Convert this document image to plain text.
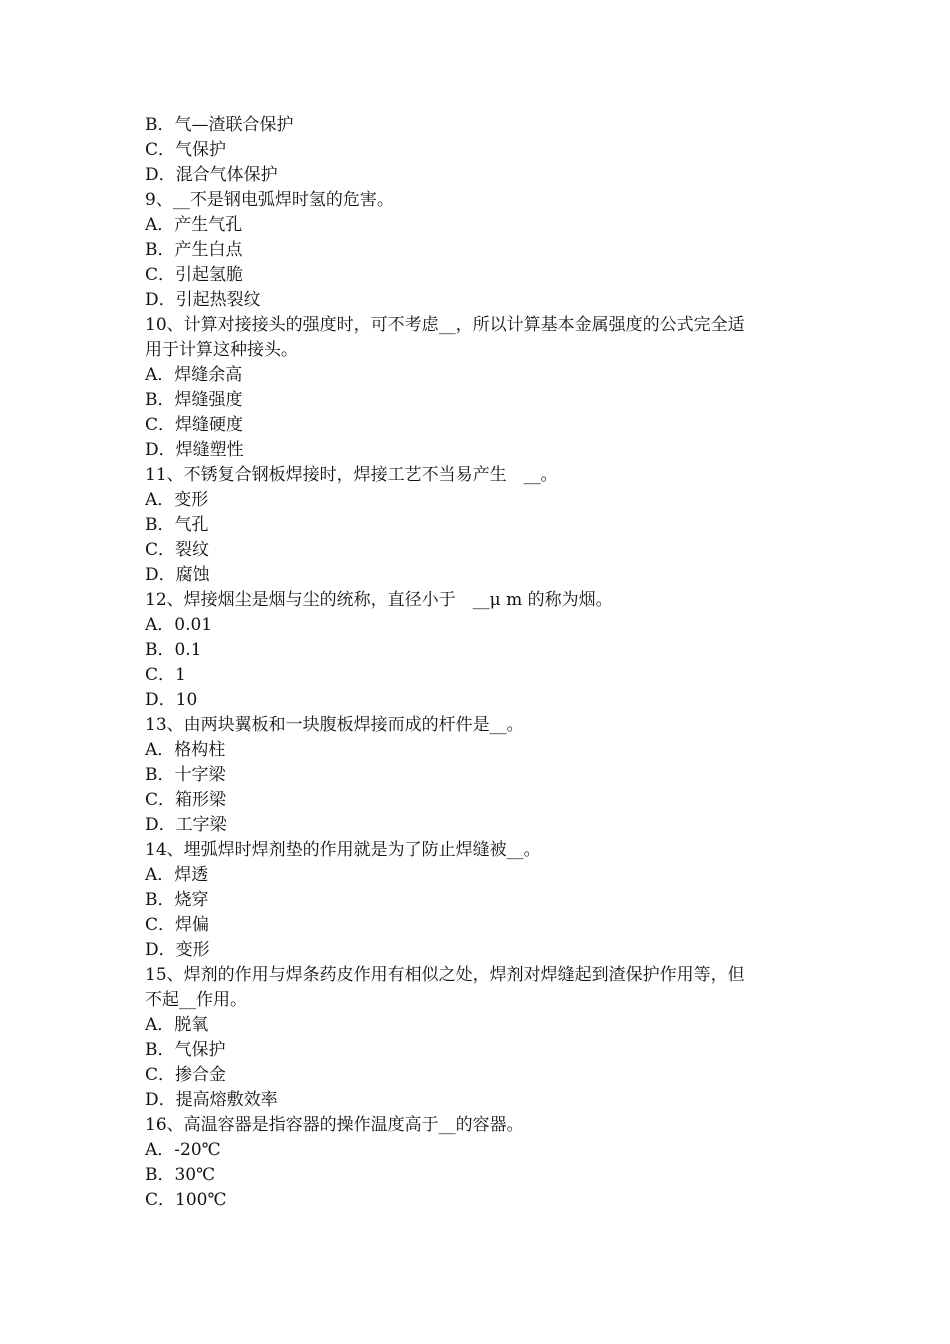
B．气—渣联合保护
C．气保护
D．混合气体保护
9、__不是钢电弧焊时氢的危害。
A．产生气孔
B．产生白点
C．引起氢脆
D．引起热裂纹
10、计算对接接头的强度时，可不考虑__，所以计算基本金属强度的公式完全适
用于计算这种接头。
A．焊缝余高
B．焊缝强度
C．焊缝硬度
D．焊缝塑性
11、不锈复合钢板焊接时，焊接工艺不当易产生　__。
A．变形
B．气孔
C．裂纹
D．腐蚀
12、焊接烟尘是烟与尘的统称，直径小于　__μ m 的称为烟。
A．0.01
B．0.1
C．1
D．10
13、由两块翼板和一块腹板焊接而成的杆件是__。
A．格构柱
B．十字梁
C．箱形梁
D．工字梁
14、埋弧焊时焊剂垫的作用就是为了防止焊缝被__。
A．焊透
B．烧穿
C．焊偏
D．变形
15、焊剂的作用与焊条药皮作用有相似之处，焊剂对焊缝起到渣保护作用等，但
不起__作用。
A．脱氧
B．气保护
C．掺合金
D．提高熔敷效率
16、高温容器是指容器的操作温度高于__的容器。
A．-20℃
B．30℃
C．100℃
